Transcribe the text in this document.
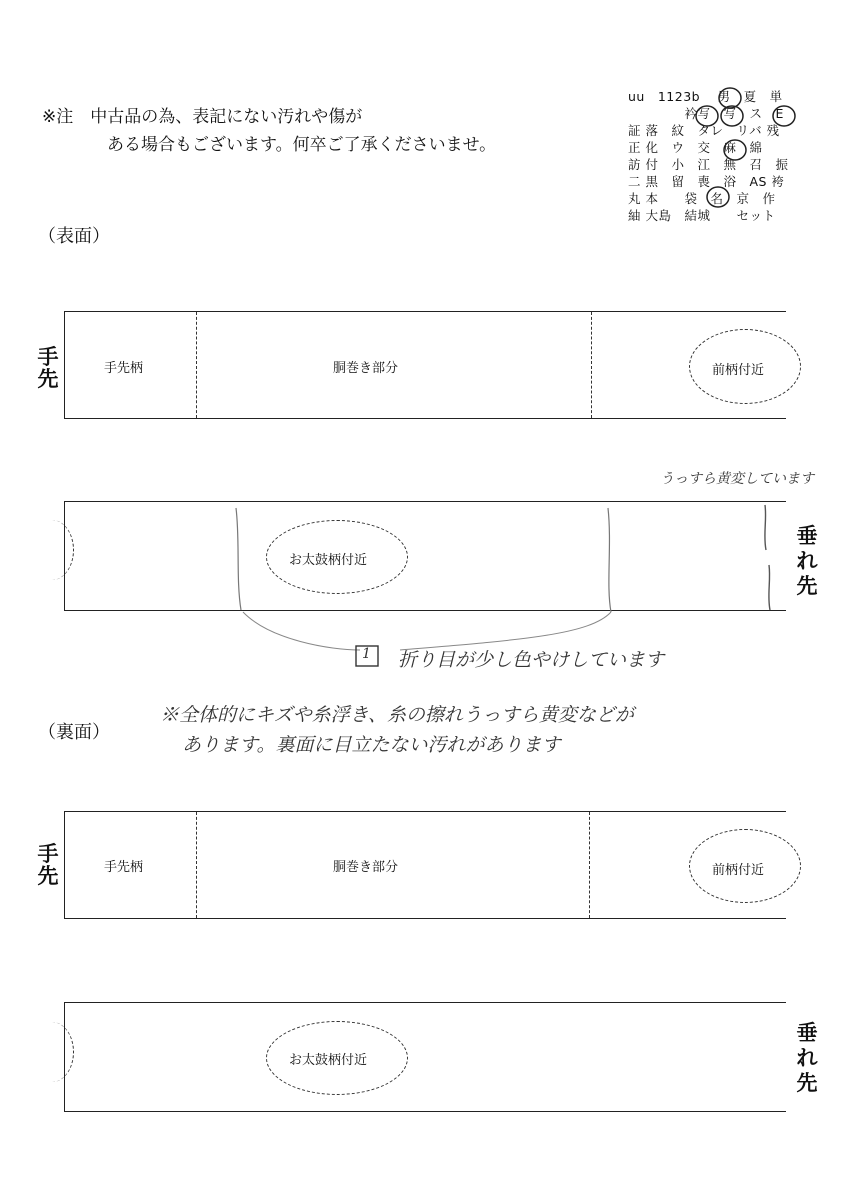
※注　中古品の為、表記にない汚れや傷が
ある場合もございます。何卒ご了承くださいませ。
uu　1123b　 男　夏　単
　　　　 衿写　写　ス　E
証 落　紋　タレ　リバ 残
正 化　ウ　交　麻　綿
訪 付　小　江　無　召　振
二 黒　留　喪　浴　AS 袴
丸 本　　袋　名　京　作
紬 大島　結城　　セット
（表面）
手
先	手先柄	胴巻き部分	前柄付近
お太鼓柄付近
垂
れ
先
うっすら黄変しています
1 折り目が少し色やけしています
（裏面）
※全体的にキズや糸浮き、糸の擦れうっすら黄変などが
あります。裏面に目立たない汚れがあります
手
先	手先柄	胴巻き部分	前柄付近
お太鼓柄付近
垂
れ
先
